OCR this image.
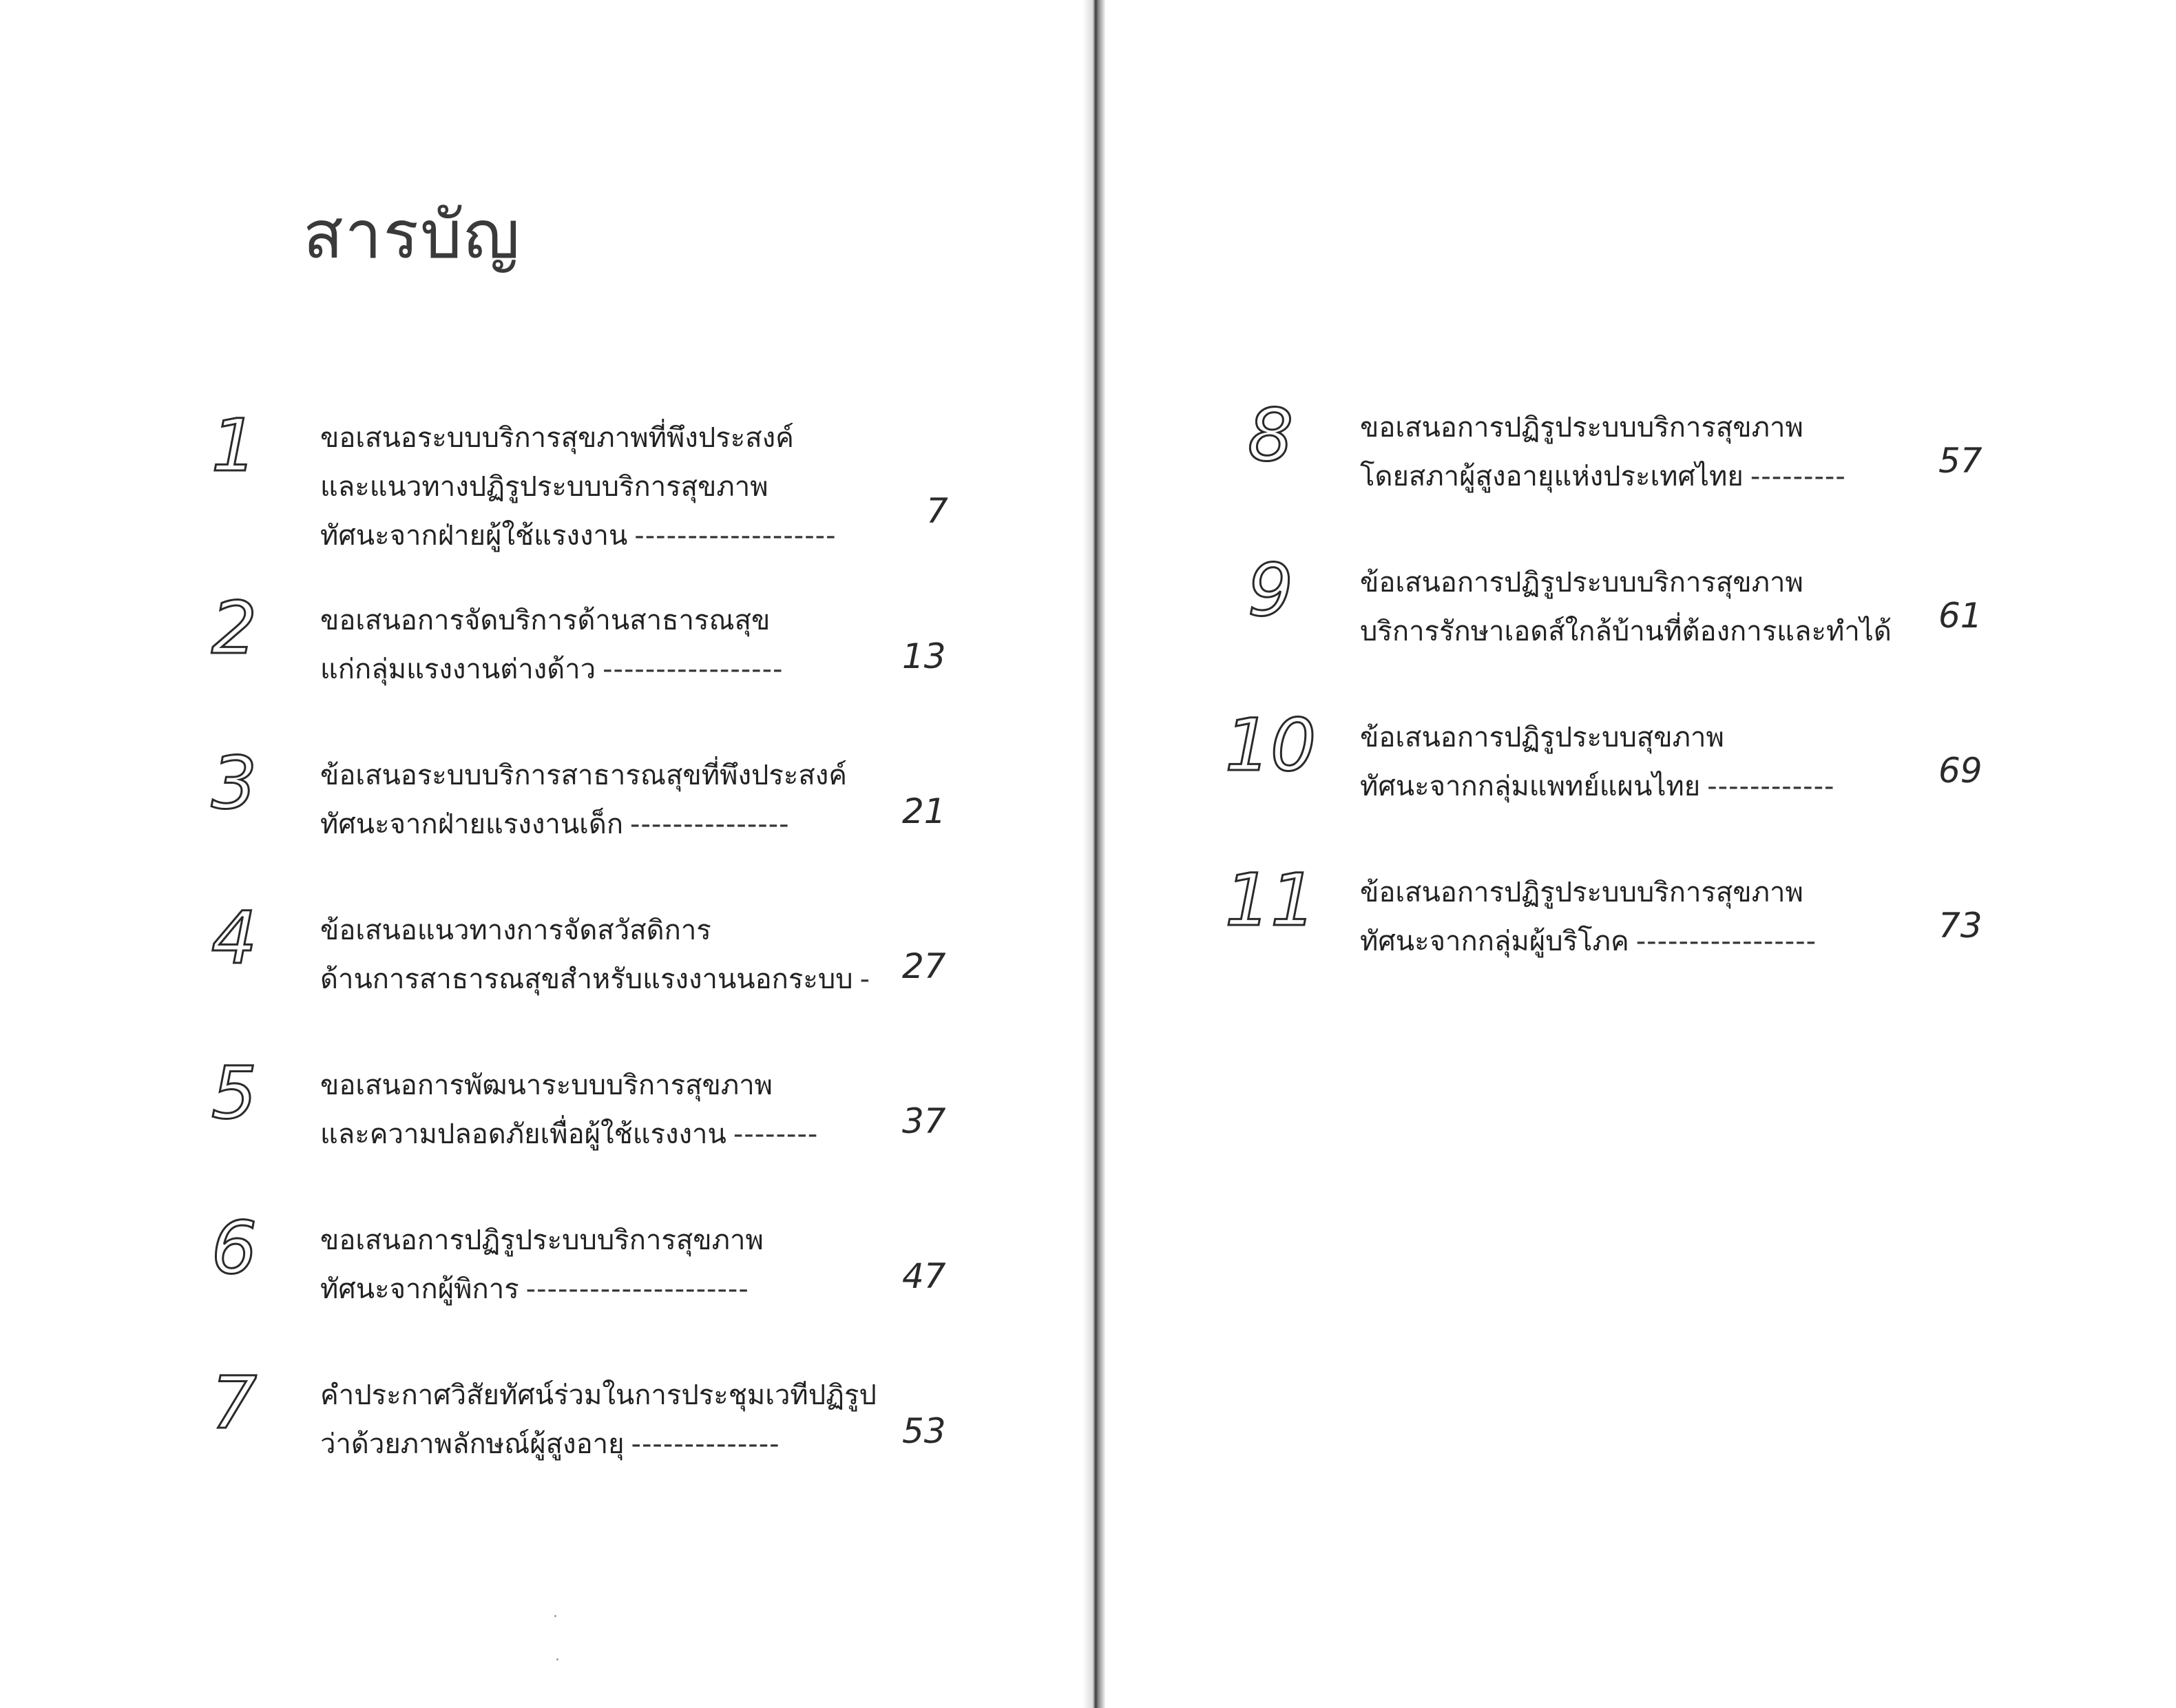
สารบัญ
1	ขอเสนอระบบบริการสุขภาพที่พึงประสงค์
และแนวทางปฏิรูประบบบริการสุขภาพ
ทัศนะจากฝ่ายผู้ใช้แรงงาน -------------------
7
2	ขอเสนอการจัดบริการด้านสาธารณสุข
แก่กลุ่มแรงงานต่างด้าว -----------------	13
3	ข้อเสนอระบบบริการสาธารณสุขที่พึงประสงค์
ทัศนะจากฝ่ายแรงงานเด็ก ---------------	21
4	ข้อเสนอแนวทางการจัดสวัสดิการ
ด้านการสาธารณสุขสำหรับแรงงานนอกระบบ - 27
5	ขอเสนอการพัฒนาระบบบริการสุขภาพ
และความปลอดภัยเพื่อผู้ใช้แรงงาน -------- 37
6	ขอเสนอการปฏิรูประบบบริการสุขภาพ
ทัศนะจากผู้พิการ ---------------------	47
7	คำประกาศวิสัยทัศน์ร่วมในการประชุมเวทีปฏิรูป
ว่าด้วยภาพลักษณ์ผู้สูงอายุ --------------	53
8	ขอเสนอการปฏิรูประบบบริการสุขภาพ
โดยสภาผู้สูงอายุแห่งประเทศไทย ---------	57
9	ข้อเสนอการปฏิรูประบบบริการสุขภาพ
บริการรักษาเอดส์ใกล้บ้านที่ต้องการและทำได้ 61
10 ข้อเสนอการปฏิรูประบบสุขภาพ
ทัศนะจากกลุ่มแพทย์แผนไทย ------------	69
11 ข้อเสนอการปฏิรูประบบบริการสุขภาพ
ทัศนะจากกลุ่มผู้บริโภค -----------------	73
